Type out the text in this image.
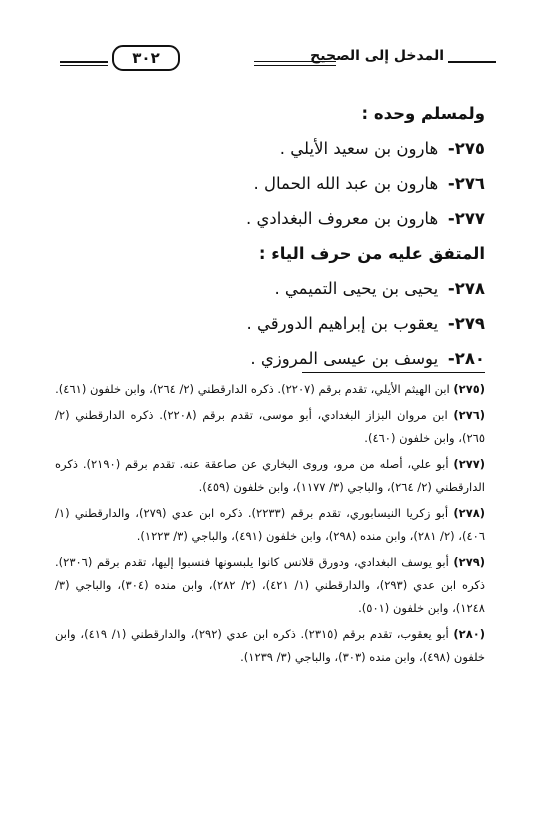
المدخل إلى الصحيح
٣٠٢
ولمسلم وحده :
٢٧٥- هارون بن سعيد الأيلي .
٢٧٦- هارون بن عبد الله الحمال .
٢٧٧- هارون بن معروف البغدادي .
المتفق عليه من حرف الياء :
٢٧٨- يحيى بن يحيى التميمي .
٢٧٩- يعقوب بن إبراهيم الدورقي .
٢٨٠- يوسف بن عيسى المروزي .

(٢٧٥) ابن الهيثم الأيلي، تقدم برقم (٢٢٠٧). ذكره الدارقطني (٢/ ٢٦٤)، وابن خلفون (٤٦١).

(٢٧٦) ابن مروان البزاز البغدادي، أبو موسى، تقدم برقم (٢٢٠٨). ذكره الدارقطني (٢/ ٢٦٥)، وابن خلفون (٤٦٠).

(٢٧٧) أبو علي، أصله من مرو، وروى البخاري عن صاعقة عنه. تقدم برقم (٢١٩٠). ذكره الدارقطني (٢/ ٢٦٤)، والباجي (٣/ ١١٧٧)، وابن خلفون (٤٥٩).

(٢٧٨) أبو زكريا النيسابوري، تقدم برقم (٢٢٣٣). ذكره ابن عدي (٢٧٩)، والدارقطني (١/ ٤٠٦)، (٢/ ٢٨١)، وابن منده (٢٩٨)، وابن خلفون (٤٩١)، والباجي (٣/ ١٢٢٣).

(٢٧٩) أبو يوسف البغدادي، ودورق قلانس كانوا يلبسونها فنسبوا إليها، تقدم برقم (٢٣٠٦). ذكره ابن عدي (٢٩٣)، والدارقطني (١/ ٤٢١)، (٢/ ٢٨٢)، وابن منده (٣٠٤)، والباجي (٣/ ١٢٤٨)، وابن خلفون (٥٠١).

(٢٨٠) أبو يعقوب، تقدم برقم (٢٣١٥). ذكره ابن عدي (٢٩٢)، والدارقطني (١/ ٤١٩)، وابن خلفون (٤٩٨)، وابن منده (٣٠٣)، والباجي (٣/ ١٢٣٩).
